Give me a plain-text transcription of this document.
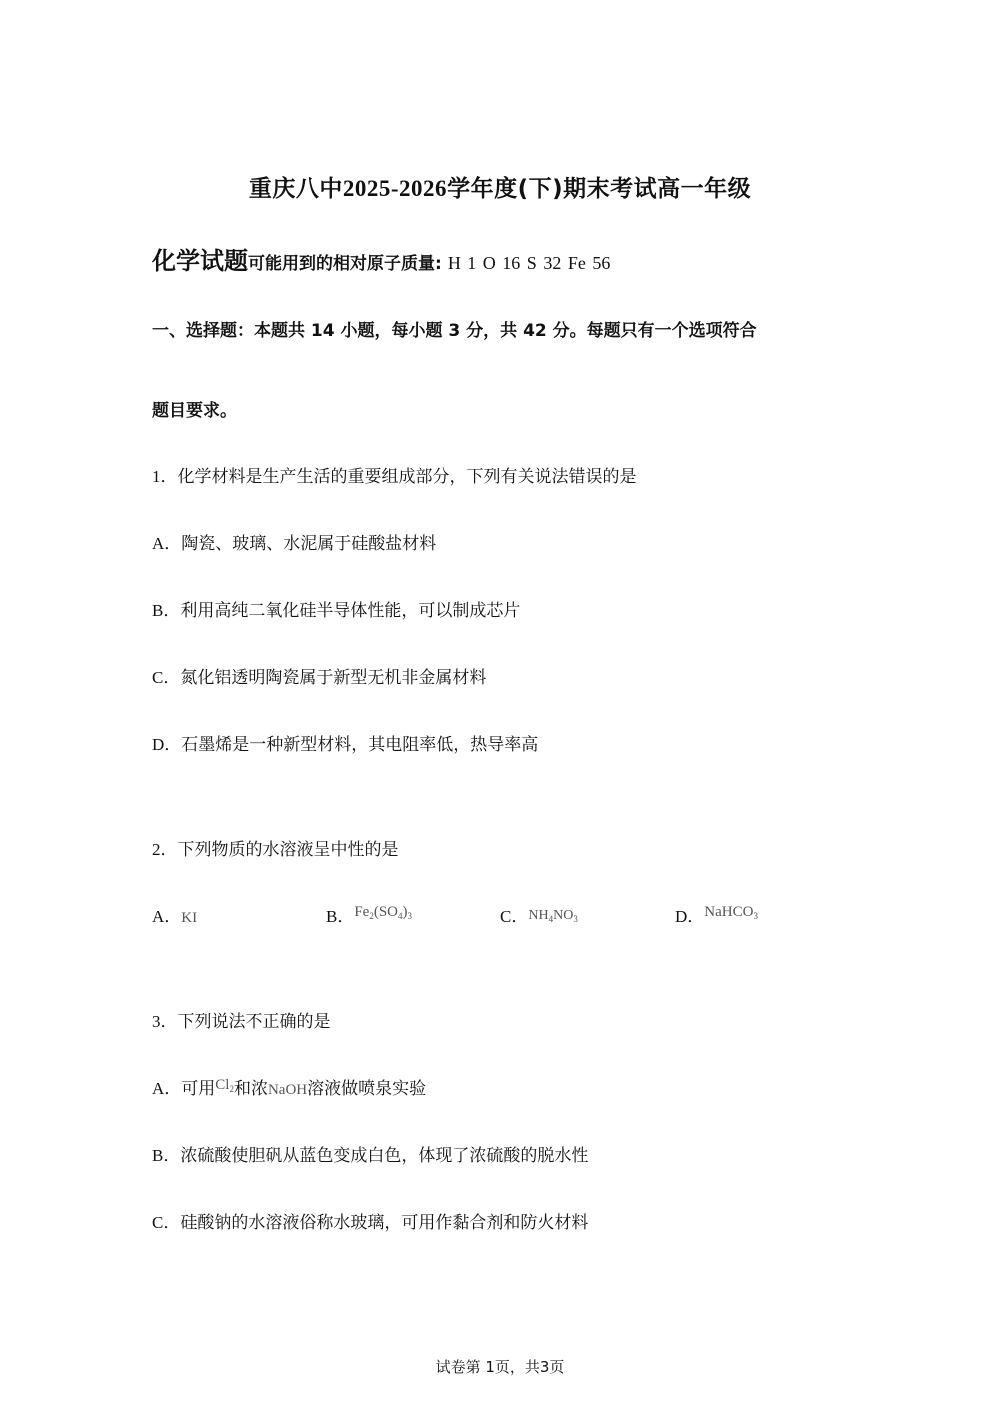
重庆八中2025-2026学年度(下)期末考试高一年级
化学试题可能用到的相对原子质量: H 1 O 16 S 32 Fe 56
一、选择题：本题共 14 小题，每小题 3 分，共 42 分。每题只有一个选项符合
题目要求。
1．化学材料是生产生活的重要组成部分，下列有关说法错误的是
A．陶瓷、玻璃、水泥属于硅酸盐材料
B．利用高纯二氧化硅半导体性能，可以制成芯片
C．氮化铝透明陶瓷属于新型无机非金属材料
D．石墨烯是一种新型材料，其电阻率低，热导率高
2．下列物质的水溶液呈中性的是
A．KI	B．$Fe_2(SO_4)_3$	C．$NH_4NO_3$	D．NaHCO$_3$
3．下列说法不正确的是
A．可用$Cl_2$和浓NaOH溶液做喷泉实验
B．浓硫酸使胆矾从蓝色变成白色，体现了浓硫酸的脱水性
C．硅酸钠的水溶液俗称水玻璃，可用作黏合剂和防火材料
试卷第 1页，共3页
